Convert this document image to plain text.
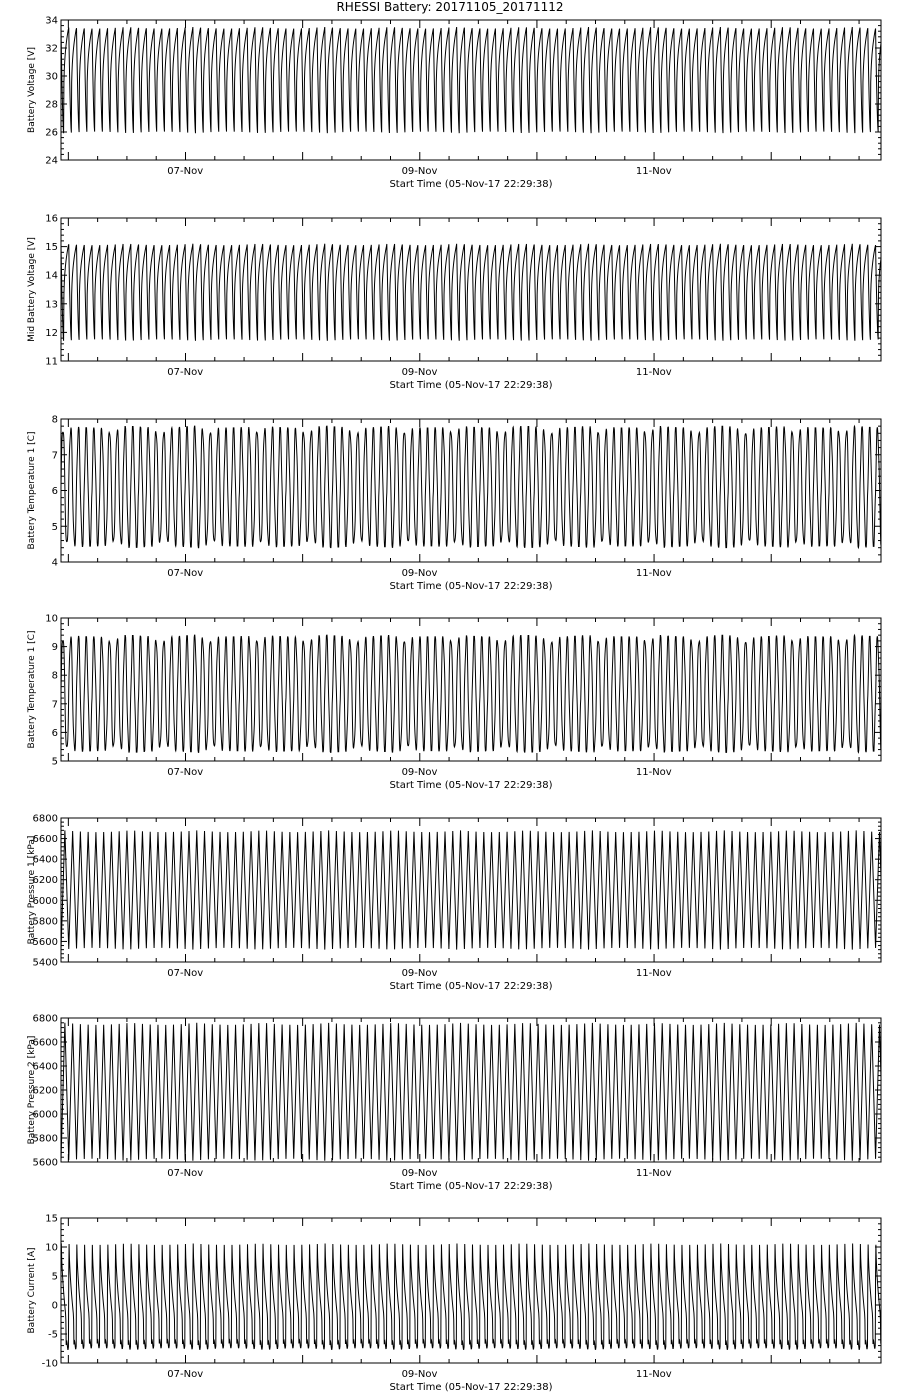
RHESSI Battery: 20171105_20171112
24
26
28
30
32
34
07-Nov	09-Nov	11-Nov
Start Time (05-Nov-17 22:29:38)
Battery Voltage [V]
11
12
13
14
15
16
07-Nov	09-Nov	11-Nov
Start Time (05-Nov-17 22:29:38)
Mid Battery Voltage [V]
4
5
6
7
8
07-Nov	09-Nov	11-Nov
Start Time (05-Nov-17 22:29:38)
Battery Temperature 1 [C]
5
6
7
8
9
10
07-Nov	09-Nov	11-Nov
Start Time (05-Nov-17 22:29:38)
Battery Temperature 1 [C]
5400
5600
5800
6000
6200
6400
6600
6800
07-Nov	09-Nov	11-Nov
Start Time (05-Nov-17 22:29:38)
Battery Pressure 1 [kPa]
5600
5800
6000
6200
6400
6600
6800
07-Nov	09-Nov	11-Nov
Start Time (05-Nov-17 22:29:38)
Battery Pressure 2 [kPa]
-10
-5
0
5
10
15
07-Nov	09-Nov	11-Nov
Start Time (05-Nov-17 22:29:38)
Battery Current [A]
